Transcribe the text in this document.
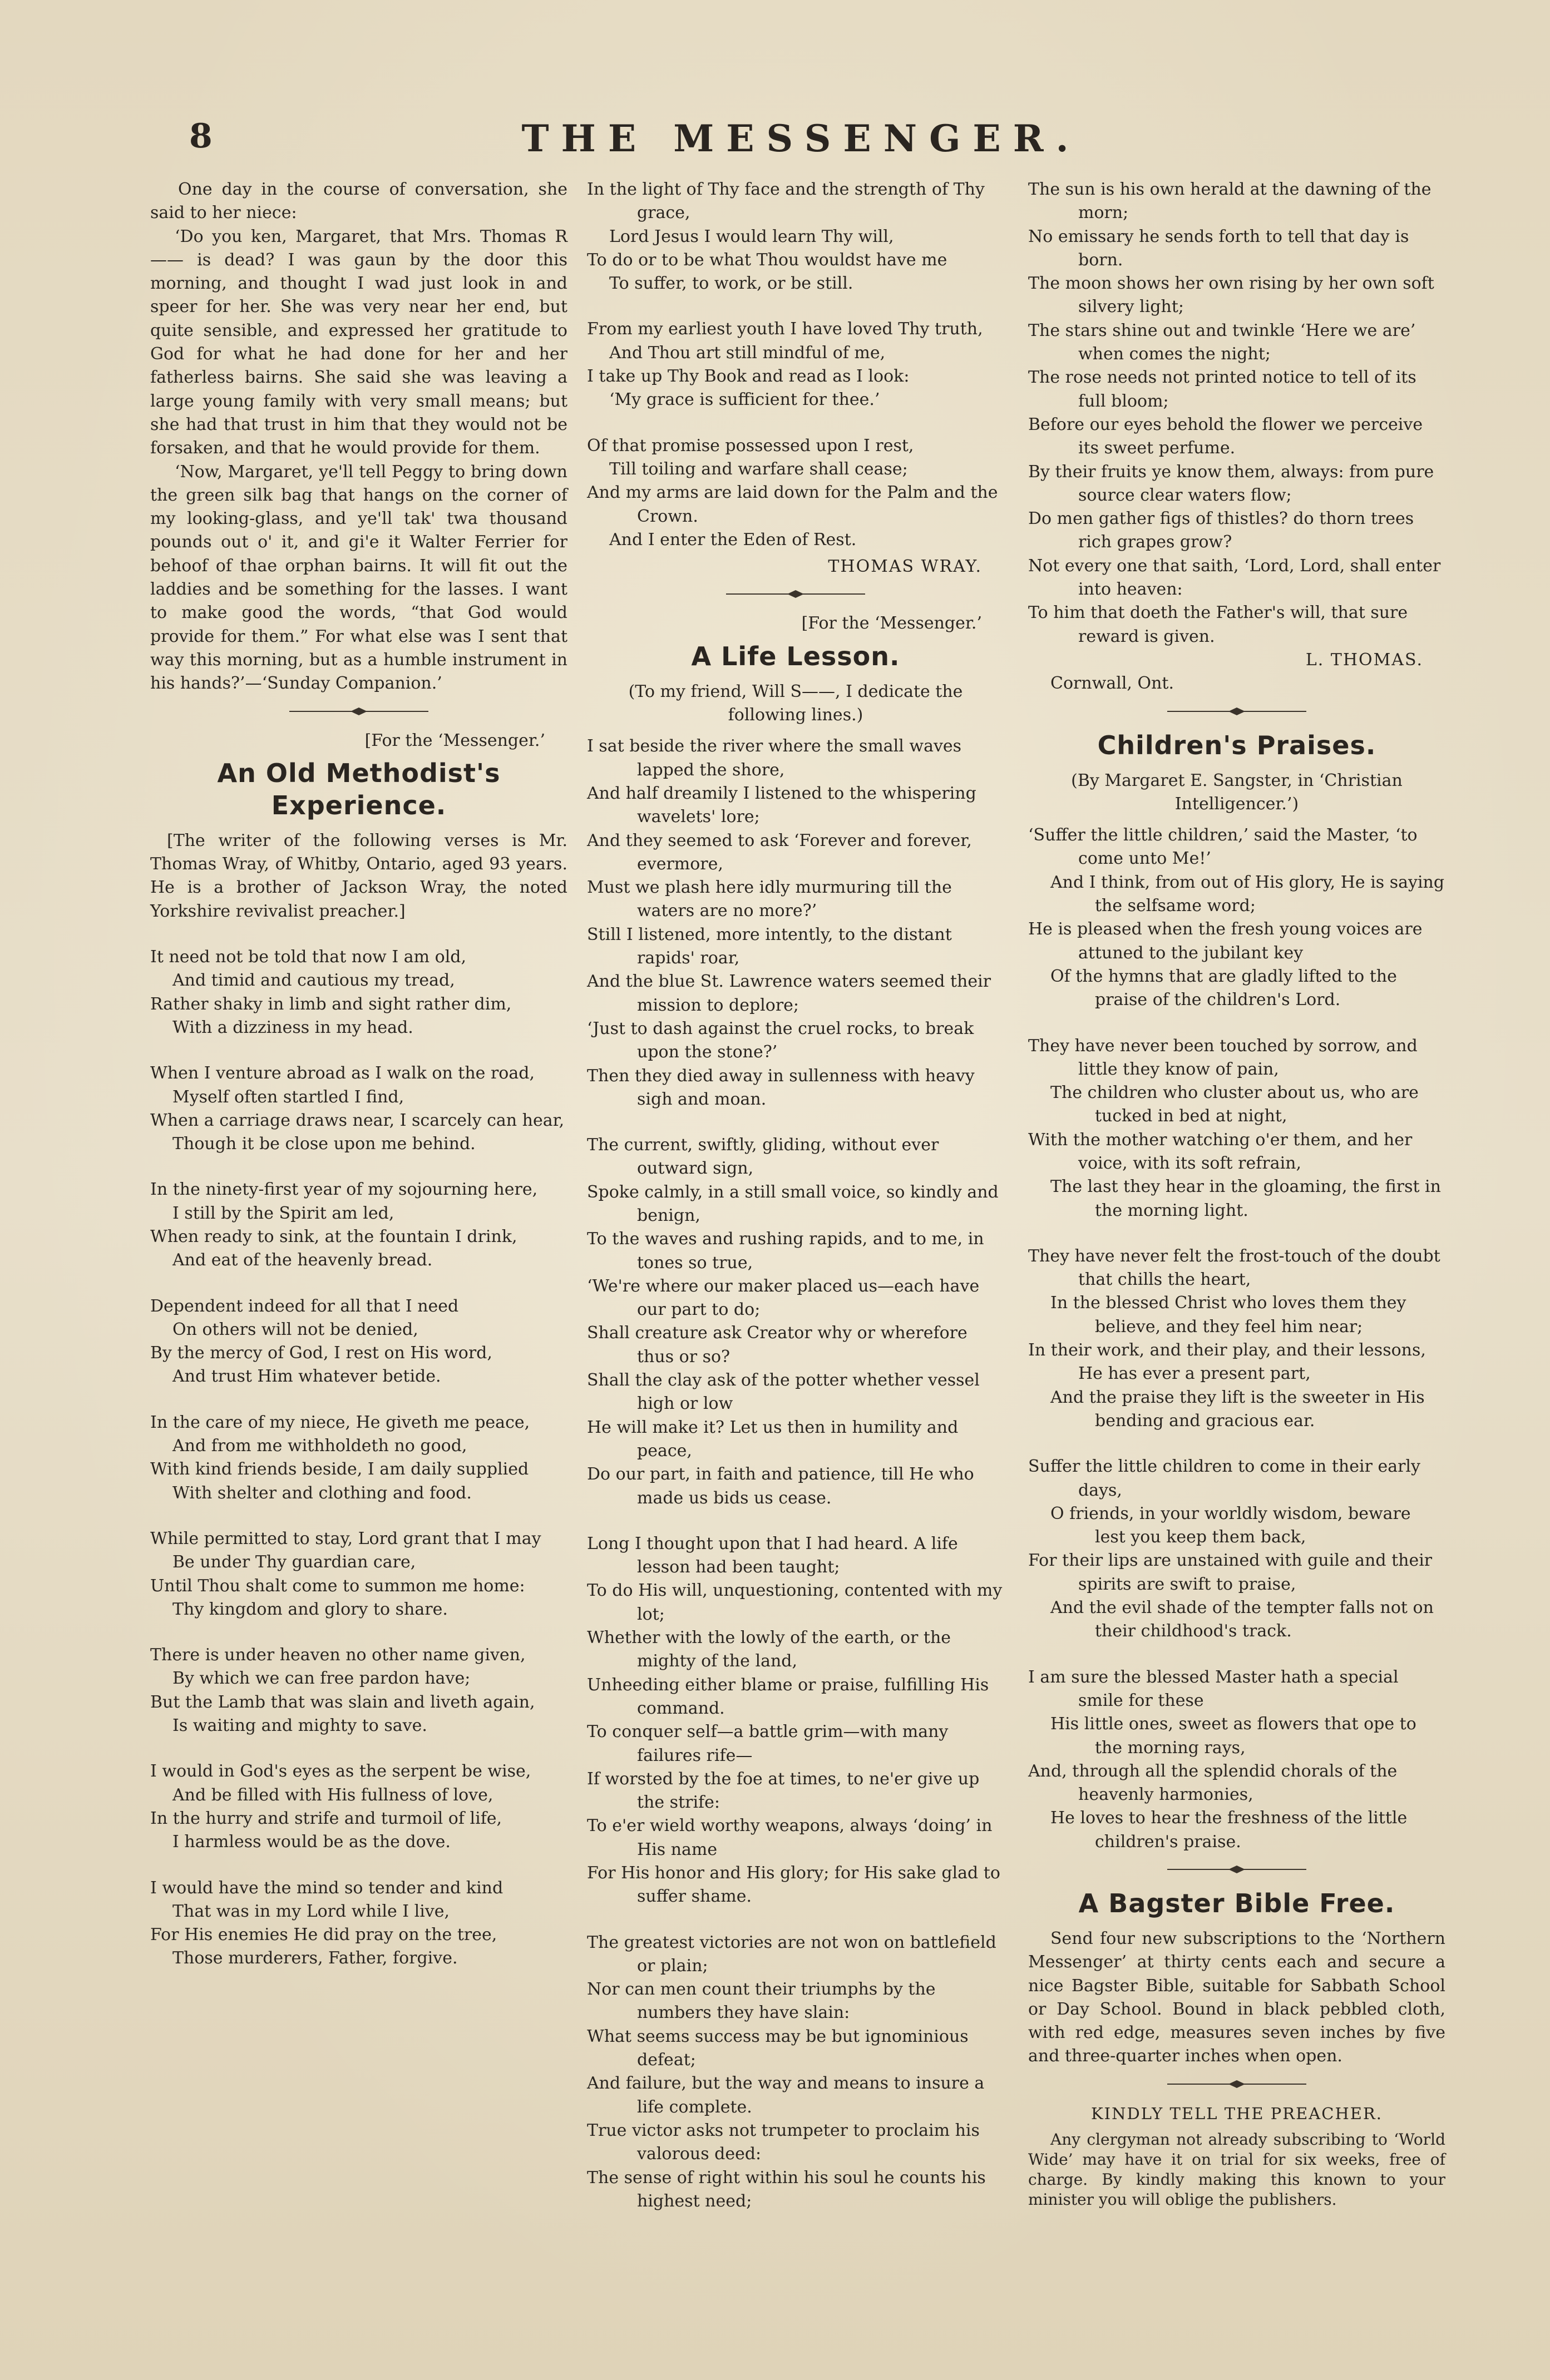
8	THE MESSENGER.

One day in the course of conversation, she said to her niece:

‘Do you ken, Margaret, that Mrs. Thomas R—— is dead? I was gaun by the door this morning, and thought I wad just look in and speer for her. She was very near her end, but quite sensible, and expressed her gratitude to God for what he had done for her and her fatherless bairns. She said she was leaving a large young family with very small means; but she had that trust in him that they would not be forsaken, and that he would provide for them.

‘Now, Margaret, ye'll tell Peggy to bring down the green silk bag that hangs on the corner of my looking-glass, and ye'll tak' twa thousand pounds out o' it, and gi'e it Walter Ferrier for behoof of thae orphan bairns. It will fit out the laddies and be something for the lasses. I want to make good the words, “that God would provide for them.” For what else was I sent that way this morning, but as a humble instrument in his hands?’—‘Sunday Companion.’

[For the ‘Messenger.’
An Old Methodist's Experience.

[The writer of the following verses is Mr. Thomas Wray, of Whitby, Ontario, aged 93 years. He is a brother of Jackson Wray, the noted Yorkshire revivalist preacher.]

It need not be told that now I am old,
And timid and cautious my tread,
Rather shaky in limb and sight rather dim,
With a dizziness in my head.
When I venture abroad as I walk on the road,
Myself often startled I find,
When a carriage draws near, I scarcely can hear,
Though it be close upon me behind.
In the ninety-first year of my sojourning here,
I still by the Spirit am led,
When ready to sink, at the fountain I drink,
And eat of the heavenly bread.
Dependent indeed for all that I need
On others will not be denied,
By the mercy of God, I rest on His word,
And trust Him whatever betide.
In the care of my niece, He giveth me peace,
And from me withholdeth no good,
With kind friends beside, I am daily supplied
With shelter and clothing and food.
While permitted to stay, Lord grant that I may
Be under Thy guardian care,
Until Thou shalt come to summon me home:
Thy kingdom and glory to share.
There is under heaven no other name given,
By which we can free pardon have;
But the Lamb that was slain and liveth again,
Is waiting and mighty to save.
I would in God's eyes as the serpent be wise,
And be filled with His fullness of love,
In the hurry and strife and turmoil of life,
I harmless would be as the dove.
I would have the mind so tender and kind
That was in my Lord while I live,
For His enemies He did pray on the tree,
Those murderers, Father, forgive.
In the light of Thy face and the strength of Thy grace,
Lord Jesus I would learn Thy will,
To do or to be what Thou wouldst have me
To suffer, to work, or be still.
From my earliest youth I have loved Thy truth,
And Thou art still mindful of me,
I take up Thy Book and read as I look:
‘My grace is sufficient for thee.’
Of that promise possessed upon I rest,
Till toiling and warfare shall cease;
And my arms are laid down for the Palm and the Crown.
And I enter the Eden of Rest.
THOMAS WRAY.
[For the ‘Messenger.’
A Life Lesson.

(To my friend, Will S——, I dedicate the following lines.)

I sat beside the river where the small waves lapped the shore,
And half dreamily I listened to the whispering wavelets' lore;
And they seemed to ask ‘Forever and forever, evermore,
Must we plash here idly murmuring till the waters are no more?’
Still I listened, more intently, to the distant rapids' roar,
And the blue St. Lawrence waters seemed their mission to deplore;
‘Just to dash against the cruel rocks, to break upon the stone?’
Then they died away in sullenness with heavy sigh and moan.
The current, swiftly, gliding, without ever outward sign,
Spoke calmly, in a still small voice, so kindly and benign,
To the waves and rushing rapids, and to me, in tones so true,
‘We're where our maker placed us—each have our part to do;
Shall creature ask Creator why or wherefore thus or so?
Shall the clay ask of the potter whether vessel high or low
He will make it? Let us then in humility and peace,
Do our part, in faith and patience, till He who made us bids us cease.
Long I thought upon that I had heard. A life lesson had been taught;
To do His will, unquestioning, contented with my lot;
Whether with the lowly of the earth, or the mighty of the land,
Unheeding either blame or praise, fulfilling His command.
To conquer self—a battle grim—with many failures rife—
If worsted by the foe at times, to ne'er give up the strife:
To e'er wield worthy weapons, always ‘doing’ in His name
For His honor and His glory; for His sake glad to suffer shame.
The greatest victories are not won on battlefield or plain;
Nor can men count their triumphs by the numbers they have slain:
What seems success may be but ignominious defeat;
And failure, but the way and means to insure a life complete.
True victor asks not trumpeter to proclaim his valorous deed:
The sense of right within his soul he counts his highest need;
The sun is his own herald at the dawning of the morn;
No emissary he sends forth to tell that day is born.
The moon shows her own rising by her own soft silvery light;
The stars shine out and twinkle ‘Here we are’ when comes the night;
The rose needs not printed notice to tell of its full bloom;
Before our eyes behold the flower we perceive its sweet perfume.
By their fruits ye know them, always: from pure source clear waters flow;
Do men gather figs of thistles? do thorn trees rich grapes grow?
Not every one that saith, ‘Lord, Lord, shall enter into heaven:
To him that doeth the Father's will, that sure reward is given.
L. THOMAS.
Cornwall, Ont.
Children's Praises.

(By Margaret E. Sangster, in ‘Christian Intelligencer.’)

‘Suffer the little children,’ said the Master, ‘to come unto Me!’
And I think, from out of His glory, He is saying the selfsame word;
He is pleased when the fresh young voices are attuned to the jubilant key
Of the hymns that are gladly lifted to the praise of the children's Lord.
They have never been touched by sorrow, and little they know of pain,
The children who cluster about us, who are tucked in bed at night,
With the mother watching o'er them, and her voice, with its soft refrain,
The last they hear in the gloaming, the first in the morning light.
They have never felt the frost-touch of the doubt that chills the heart,
In the blessed Christ who loves them they believe, and they feel him near;
In their work, and their play, and their lessons, He has ever a present part,
And the praise they lift is the sweeter in His bending and gracious ear.
Suffer the little children to come in their early days,
O friends, in your worldly wisdom, beware lest you keep them back,
For their lips are unstained with guile and their spirits are swift to praise,
And the evil shade of the tempter falls not on their childhood's track.
I am sure the blessed Master hath a special smile for these
His little ones, sweet as flowers that ope to the morning rays,
And, through all the splendid chorals of the heavenly harmonies,
He loves to hear the freshness of the little children's praise.
A Bagster Bible Free.

Send four new subscriptions to the ‘Northern Messenger’ at thirty cents each and secure a nice Bagster Bible, suitable for Sabbath School or Day School. Bound in black pebbled cloth, with red edge, measures seven inches by five and three-quarter inches when open.

KINDLY TELL THE PREACHER.

Any clergyman not already subscribing to ‘World Wide’ may have it on trial for six weeks, free of charge. By kindly making this known to your minister you will oblige the publishers.
